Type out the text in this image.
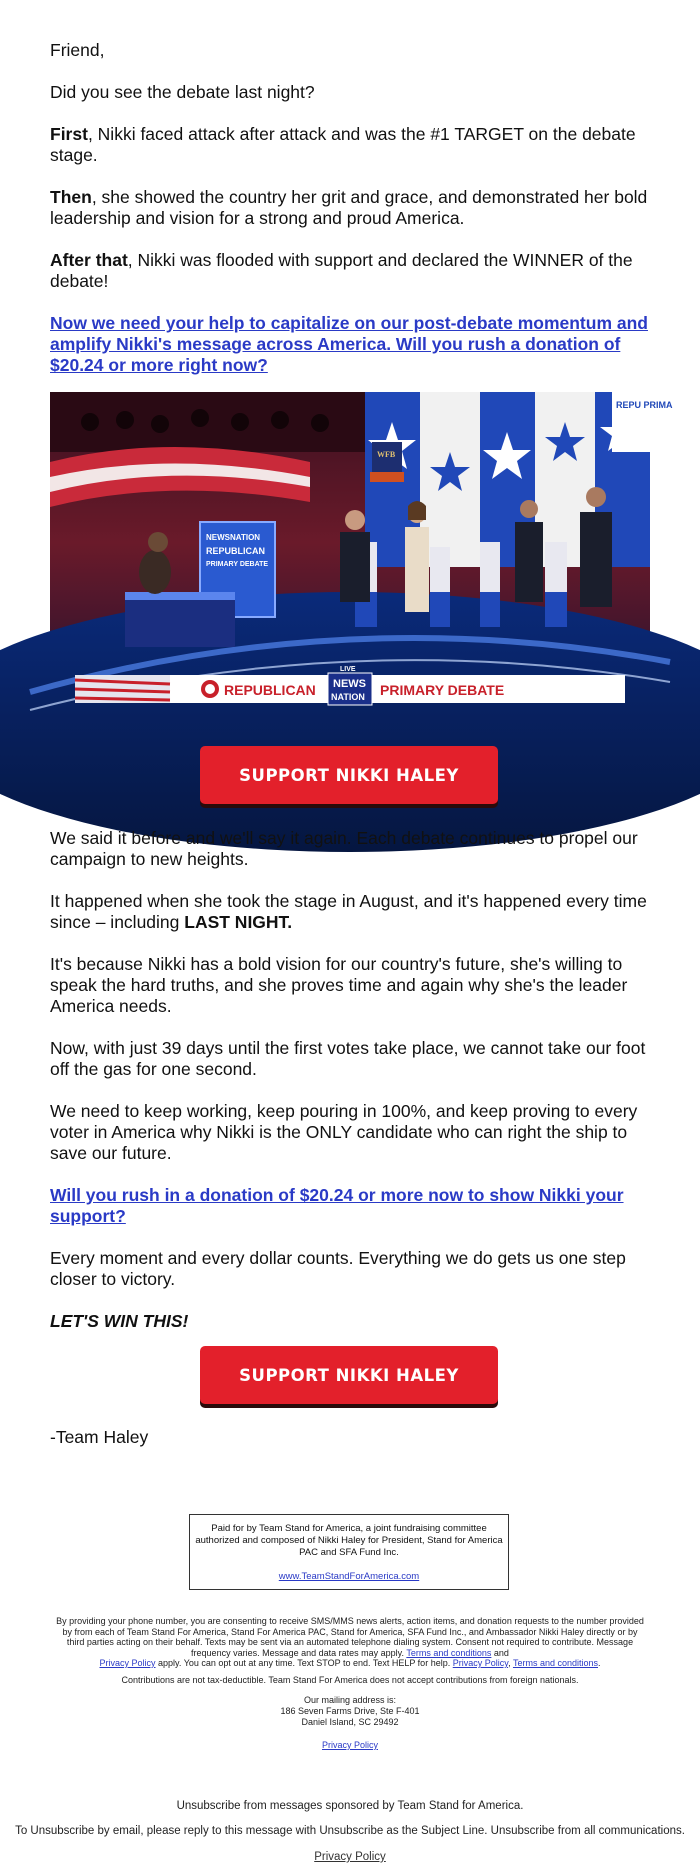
Friend,

Did you see the debate last night?

First, Nikki faced attack after attack and was the #1 TARGET on the debate stage.

Then, she showed the country her grit and grace, and demonstrated her bold leadership and vision for a strong and proud America.

After that, Nikki was flooded with support and declared the WINNER of the debate!

Now we need your help to capitalize on our post-debate momentum and amplify Nikki's message across America. Will you rush a donation of $20.24 or more right now?
REPU PRIMA
WFB
NEWSNATION
REPUBLICAN
PRIMARY DEBATE
REPUBLICAN NEWS
NATION
LIVE
PRIMARY DEBATE
SUPPORT NIKKI HALEY

We said it before and we'll say it again. Each debate continues to propel our campaign to new heights.

It happened when she took the stage in August, and it's happened every time since – including LAST NIGHT.

It's because Nikki has a bold vision for our country's future, she's willing to speak the hard truths, and she proves time and again why she's the leader America needs.

Now, with just 39 days until the first votes take place, we cannot take our foot off the gas for one second.

We need to keep working, keep pouring in 100%, and keep proving to every voter in America why Nikki is the ONLY candidate who can right the ship to save our future.

Will you rush in a donation of $20.24 or more now to show Nikki your support?

Every moment and every dollar counts. Everything we do gets us one step closer to victory.

LET'S WIN THIS!

SUPPORT NIKKI HALEY
-Team Haley
Paid for by Team Stand for America, a joint fundraising committee authorized and composed of Nikki Haley for President, Stand for America PAC and SFA Fund Inc.
www.TeamStandForAmerica.com
By providing your phone number, you are consenting to receive SMS/MMS news alerts, action items, and donation requests to the number provided by from each of Team Stand For America, Stand For America PAC, Stand for America, SFA Fund Inc., and Ambassador Nikki Haley directly or by third parties acting on their behalf. Texts may be sent via an automated telephone dialing system. Consent not required to contribute. Message frequency varies. Message and data rates may apply. Terms and conditions and
Privacy Policy apply. You can opt out at any time. Text STOP to end. Text HELP for help. Privacy Policy, Terms and conditions.
Contributions are not tax-deductible. Team Stand For America does not accept contributions from foreign nationals.
Our mailing address is:
186 Seven Farms Drive, Ste F-401
Daniel Island, SC 29492
Privacy Policy
Unsubscribe from messages sponsored by Team Stand for America.
To Unsubscribe by email, please reply to this message with Unsubscribe as the Subject Line. Unsubscribe from all communications.
Privacy Policy
